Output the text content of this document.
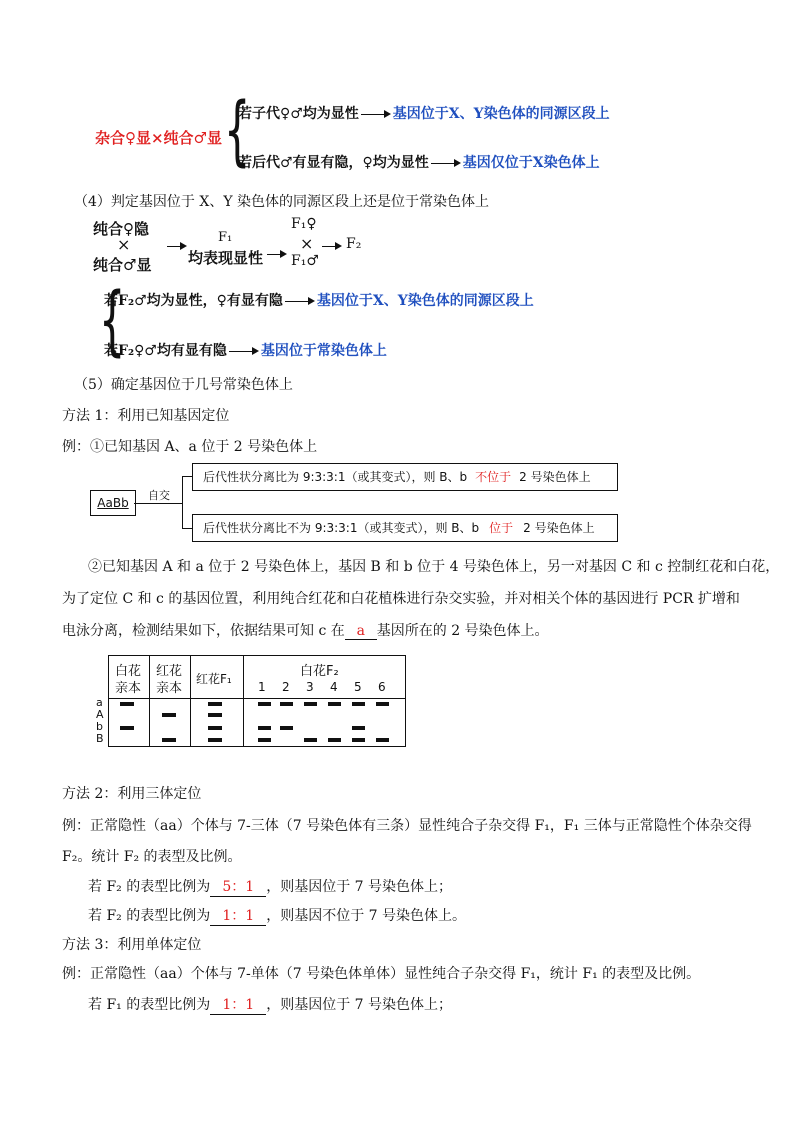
杂合♀显×纯合♂显 {
若子代♀♂均为显性 基因位于X、Y染色体的同源区段上
若后代♂有显有隐，♀均为显性 基因仅位于X染色体上
（4）判定基因位于 X、Y 染色体的同源区段上还是位于常染色体上
纯合♀隐
×
纯合♂显
F₁
均表现显性
F₁♀
×
F₁♂
F₂
{
若F₂♂均为显性，♀有显有隐 基因位于X、Y染色体的同源区段上
若F₂♀♂均有显有隐 基因位于常染色体上
（5）确定基因位于几号常染色体上
方法 1：利用已知基因定位
例：①已知基因 A、a 位于 2 号染色体上
AaBb
自交
后代性状分离比为 9:3:3:1（或其变式），则 B、b 不位于 2 号染色体上
后代性状分离比不为 9:3:3:1（或其变式），则 B、b 位于 2 号染色体上
②已知基因 A 和 a 位于 2 号染色体上，基因 B 和 b 位于 4 号染色体上，另一对基因 C 和 c 控制红花和白花，
为了定位 C 和 c 的基因位置，利用纯合红花和白花植株进行杂交实验，并对相关个体的基因进行 PCR 扩增和
电泳分离，检测结果如下，依据结果可知 c 在 a 基因所在的 2 号染色体上。
白花
亲本
红花
亲本
红花F₁	白花F₂
1 2 3 4 5 6
a
A
b
B
方法 2：利用三体定位
例：正常隐性（aa）个体与 7-三体（7 号染色体有三条）显性纯合子杂交得 F₁，F₁ 三体与正常隐性个体杂交得
F₂。统计 F₂ 的表型及比例。
若 F₂ 的表型比例为 5：1 ，则基因位于 7 号染色体上；
若 F₂ 的表型比例为 1：1 ，则基因不位于 7 号染色体上。
方法 3：利用单体定位
例：正常隐性（aa）个体与 7-单体（7 号染色体单体）显性纯合子杂交得 F₁，统计 F₁ 的表型及比例。
若 F₁ 的表型比例为 1：1 ，则基因位于 7 号染色体上；
